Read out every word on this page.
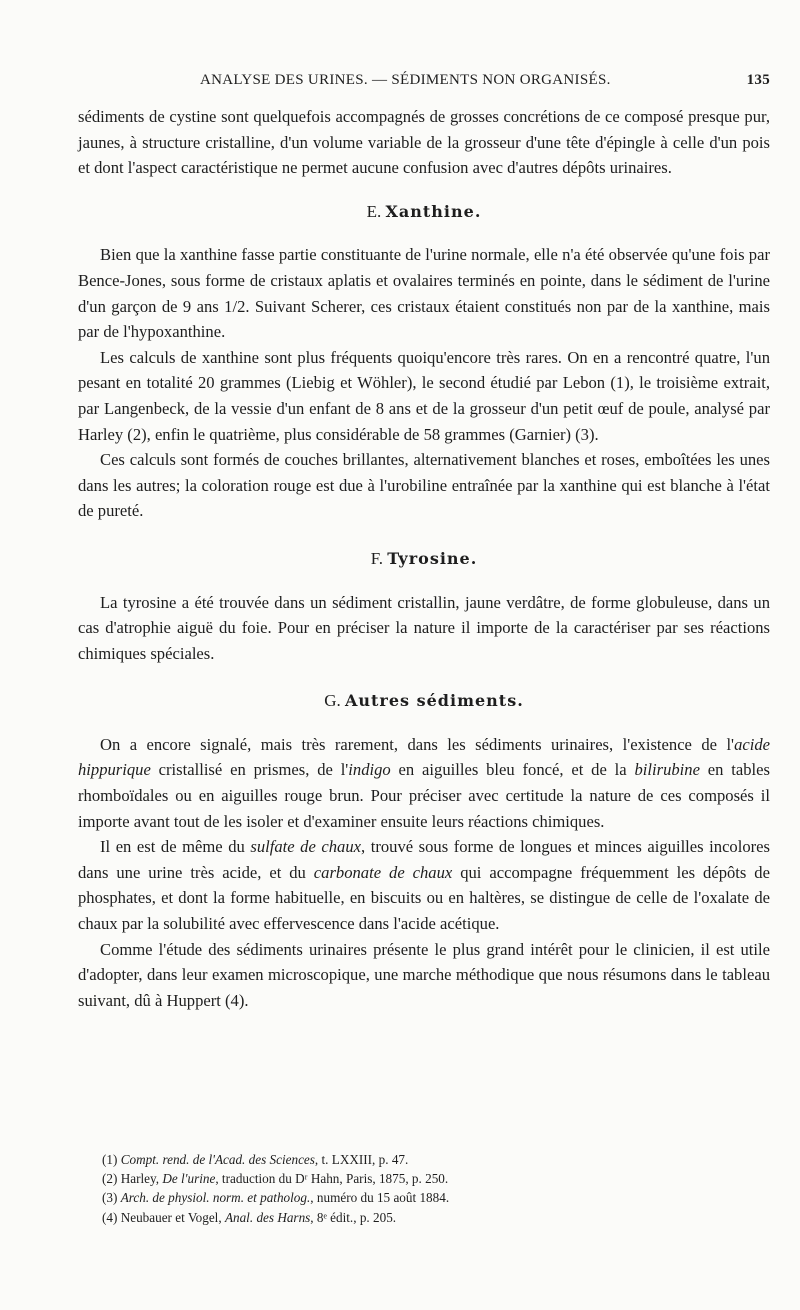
ANALYSE DES URINES. — SÉDIMENTS NON ORGANISÉS.	135

sédiments de cystine sont quelquefois accompagnés de grosses concrétions de ce composé presque pur, jaunes, à structure cristalline, d'un volume variable de la grosseur d'une tête d'épingle à celle d'un pois et dont l'aspect caractéristique ne permet aucune confusion avec d'autres dépôts urinaires.

E. Xanthine.

Bien que la xanthine fasse partie constituante de l'urine normale, elle n'a été observée qu'une fois par Bence-Jones, sous forme de cristaux aplatis et ovalaires terminés en pointe, dans le sédiment de l'urine d'un garçon de 9 ans 1/2. Suivant Scherer, ces cristaux étaient constitués non par de la xanthine, mais par de l'hypoxanthine.

Les calculs de xanthine sont plus fréquents quoiqu'encore très rares. On en a rencontré quatre, l'un pesant en totalité 20 grammes (Liebig et Wöhler), le second étudié par Lebon (1), le troisième extrait, par Langenbeck, de la vessie d'un enfant de 8 ans et de la grosseur d'un petit œuf de poule, analysé par Harley (2), enfin le quatrième, plus considérable de 58 grammes (Garnier) (3).

Ces calculs sont formés de couches brillantes, alternativement blanches et roses, emboîtées les unes dans les autres; la coloration rouge est due à l'urobiline entraînée par la xanthine qui est blanche à l'état de pureté.

F. Tyrosine.

La tyrosine a été trouvée dans un sédiment cristallin, jaune verdâtre, de forme globuleuse, dans un cas d'atrophie aiguë du foie. Pour en préciser la nature il importe de la caractériser par ses réactions chimiques spéciales.

G. Autres sédiments.

On a encore signalé, mais très rarement, dans les sédiments urinaires, l'existence de l'acide hippurique cristallisé en prismes, de l'indigo en aiguilles bleu foncé, et de la bilirubine en tables rhomboïdales ou en aiguilles rouge brun. Pour préciser avec certitude la nature de ces composés il importe avant tout de les isoler et d'examiner ensuite leurs réactions chimiques.

Il en est de même du sulfate de chaux, trouvé sous forme de longues et minces aiguilles incolores dans une urine très acide, et du carbonate de chaux qui accompagne fréquemment les dépôts de phosphates, et dont la forme habituelle, en biscuits ou en haltères, se distingue de celle de l'oxalate de chaux par la solubilité avec effervescence dans l'acide acétique.

Comme l'étude des sédiments urinaires présente le plus grand intérêt pour le clinicien, il est utile d'adopter, dans leur examen microscopique, une marche méthodique que nous résumons dans le tableau suivant, dû à Huppert (4).

(1) Compt. rend. de l'Acad. des Sciences, t. LXXIII, p. 47.

(2) Harley, De l'urine, traduction du Dʳ Hahn, Paris, 1875, p. 250.

(3) Arch. de physiol. norm. et patholog., numéro du 15 août 1884.

(4) Neubauer et Vogel, Anal. des Harns, 8ᵉ édit., p. 205.
